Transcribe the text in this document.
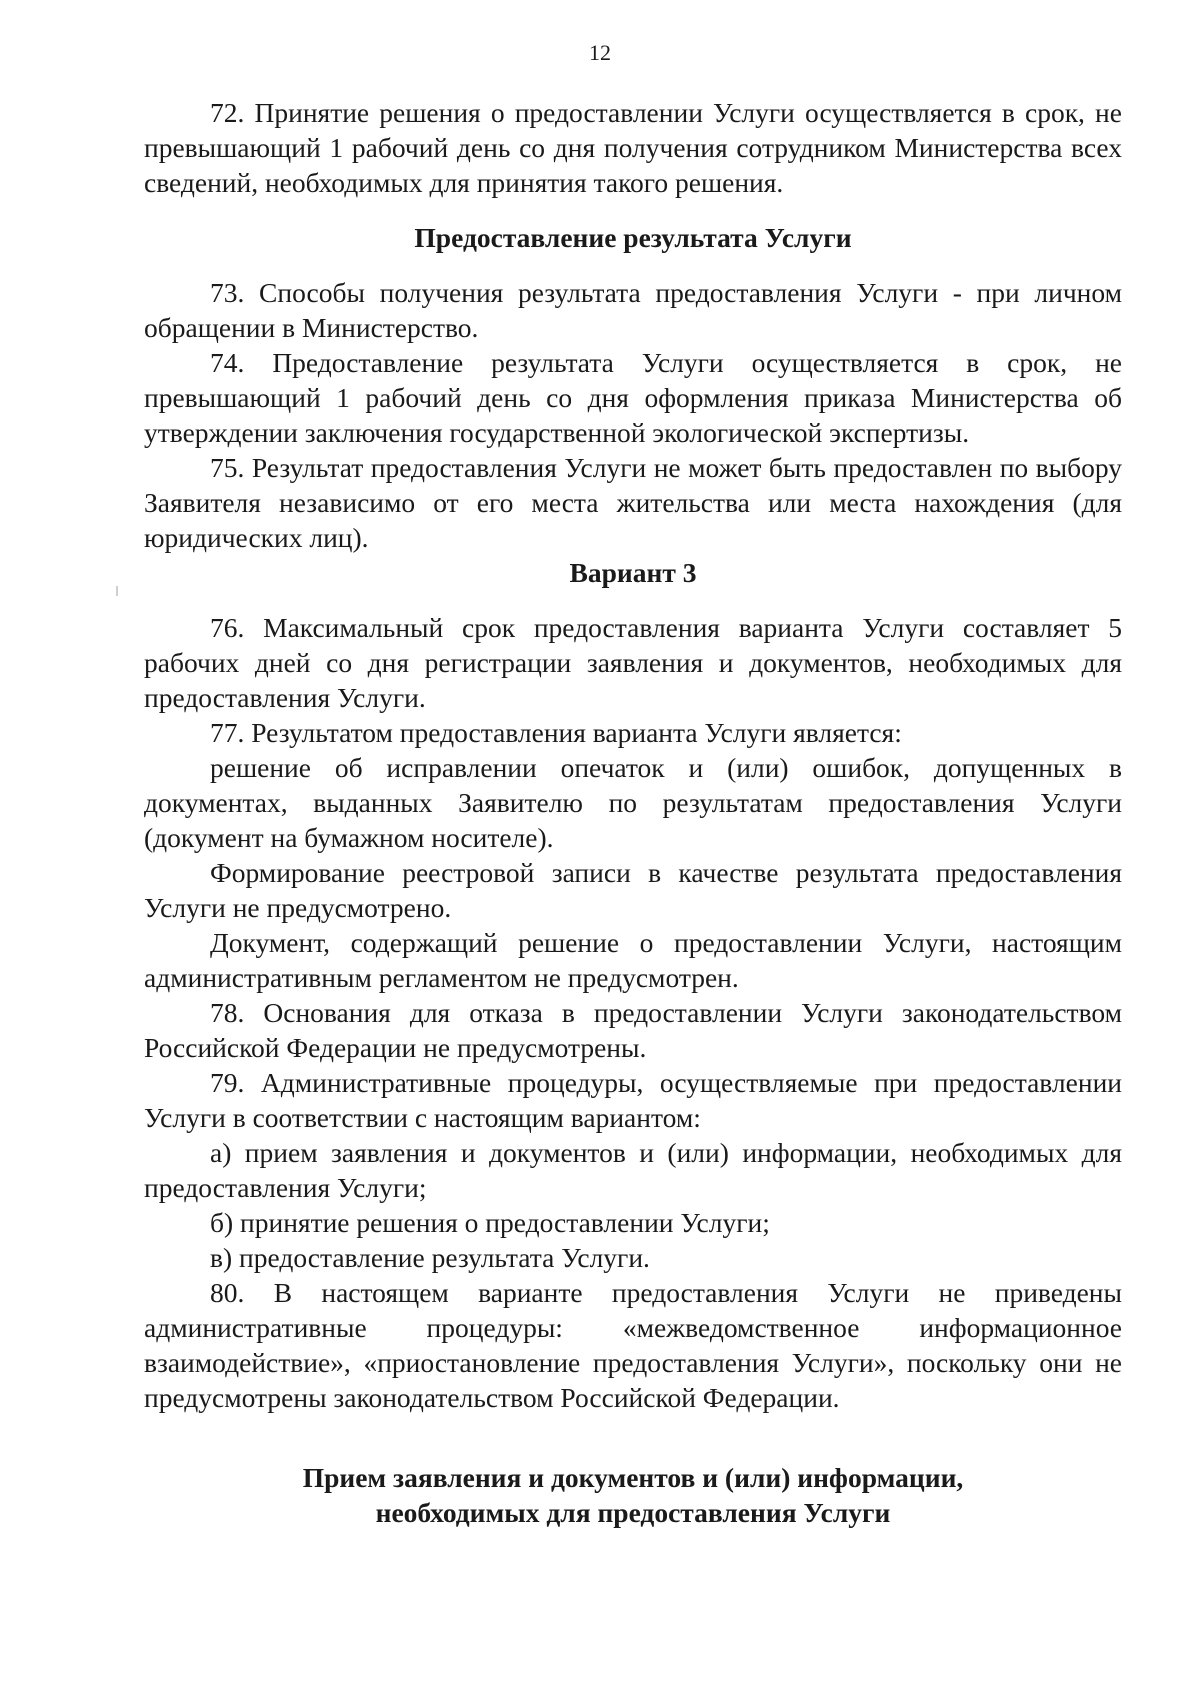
12

72. Принятие решения о предоставлении Услуги осуществляется в срок, не превышающий 1 рабочий день со дня получения сотрудником Министерства всех сведений, необходимых для принятия такого решения.

Предоставление результата Услуги

73. Способы получения результата предоставления Услуги - при личном обращении в Министерство.

74. Предоставление результата Услуги осуществляется в срок, не превышающий 1 рабочий день со дня оформления приказа Министерства об утверждении заключения государственной экологической экспертизы.

75. Результат предоставления Услуги не может быть предоставлен по выбору Заявителя независимо от его места жительства или места нахождения (для юридических лиц).

Вариант 3

76. Максимальный срок предоставления варианта Услуги составляет 5 рабочих дней со дня регистрации заявления и документов, необходимых для предоставления Услуги.

77. Результатом предоставления варианта Услуги является:

решение об исправлении опечаток и (или) ошибок, допущенных в документах, выданных Заявителю по результатам предоставления Услуги (документ на бумажном носителе).

Формирование реестровой записи в качестве результата предоставления Услуги не предусмотрено.

Документ, содержащий решение о предоставлении Услуги, настоящим административным регламентом не предусмотрен.

78. Основания для отказа в предоставлении Услуги законодательством Российской Федерации не предусмотрены.

79. Административные процедуры, осуществляемые при предоставлении Услуги в соответствии с настоящим вариантом:

а) прием заявления и документов и (или) информации, необходимых для предоставления Услуги;

б) принятие решения о предоставлении Услуги;

в) предоставление результата Услуги.

80. В настоящем варианте предоставления Услуги не приведены административные процедуры: «межведомственное информационное взаимодействие», «приостановление предоставления Услуги», поскольку они не предусмотрены законодательством Российской Федерации.

Прием заявления и документов и (или) информации,

необходимых для предоставления Услуги
